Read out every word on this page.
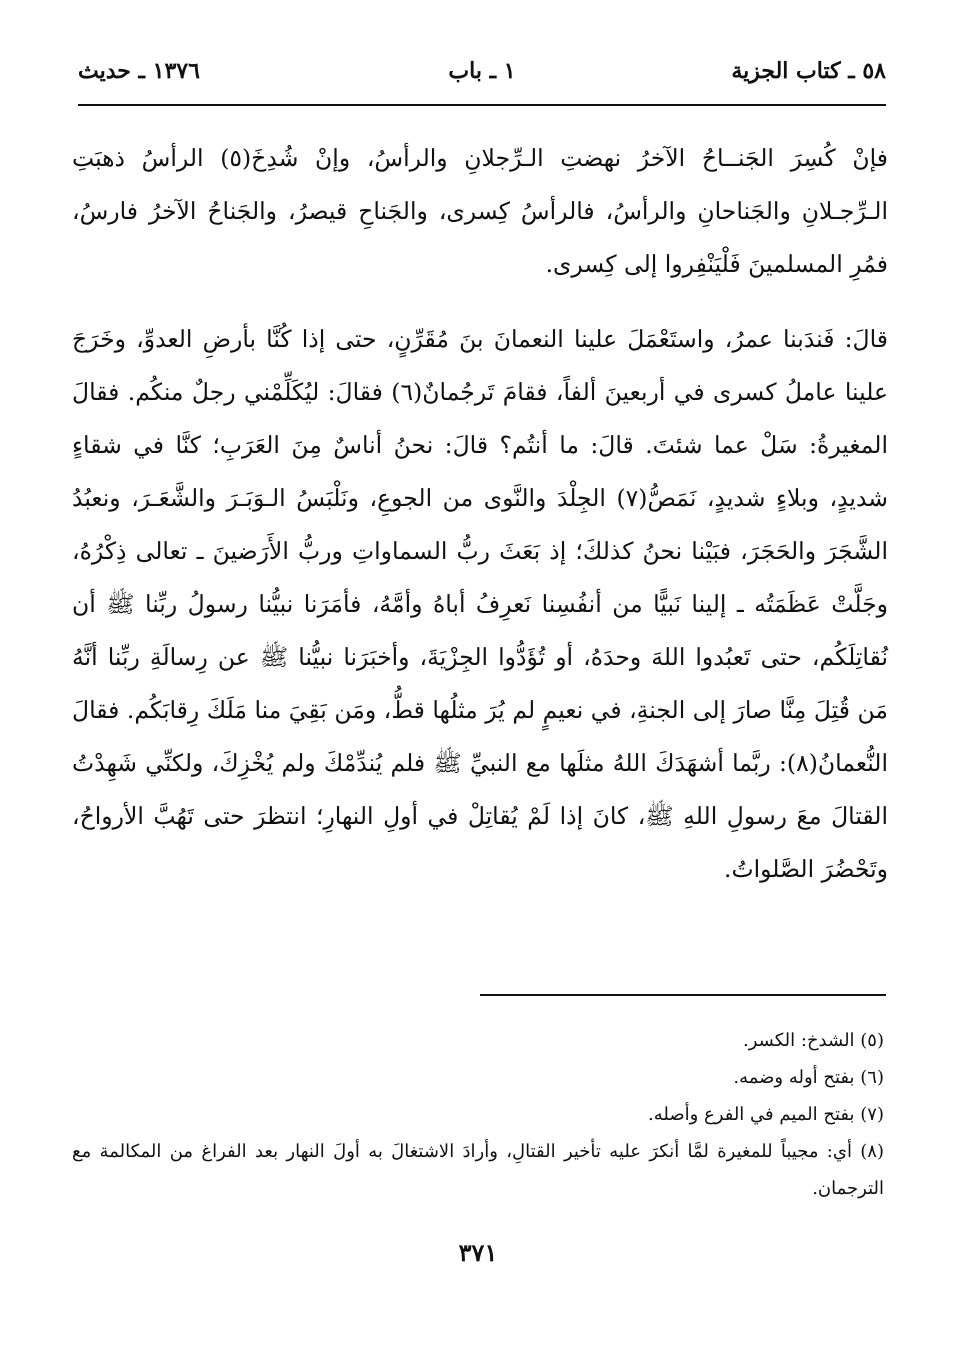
٥٨ ـ كتاب الجزية
١ ـ باب
١٣٧٦ ـ حديث

فإنْ كُسِرَ الجَنــاحُ الآخرُ نهضتِ الـرِّجلانِ والرأسُ، وإنْ شُدِخَ(٥) الرأسُ ذهبَتِ الـرِّجـلانِ والجَناحانِ والرأسُ، فالرأسُ كِسرى، والجَناحِ قيصرُ، والجَناحُ الآخرُ فارسُ، فمُرِ المسلمينَ فَلْيَنْفِروا إلى كِسرى.

قالَ: فَندَبنا عمرُ، واستَعْمَلَ علينا النعمانَ بنَ مُقَرِّنٍ، حتى إذا كُنَّا بأرضِ العدوِّ، وخَرَجَ علينا عاملُ كسرى في أربعينَ ألفاً، فقامَ تَرجُمانٌ(٦) فقالَ: ليُكَلِّمْني رجلٌ منكُم. فقالَ المغيرةُ: سَلْ عما شئتَ. قالَ: ما أنتُم؟ قالَ: نحنُ أناسٌ مِنَ العَرَبِ؛ كنَّا في شقاءٍ شديدٍ، وبلاءٍ شديدٍ، نَمَصُّ(٧) الجِلْدَ والنَّوى من الجوعِ، ونَلْبَسُ الـوَبَـرَ والشَّعَـرَ، ونعبُدُ الشَّجَرَ والحَجَرَ، فبَيْنا نحنُ كذلكَ؛ إذ بَعَثَ ربُّ السماواتِ وربُّ الأَرَضينَ ـ تعالى ذِكْرُهُ، وجَلَّتْ عَظَمَتُه ـ إلينا نَبيًّا من أنفُسِنا نَعرِفُ أباهُ وأمَّهُ، فأمَرَنا نبيُّنا رسولُ ربِّنا ﷺ أن نُقاتِلَكُم، حتى تَعبُدوا اللهَ وحدَهُ، أو تُؤَدُّوا الجِزْيَةَ، وأخبَرَنا نبيُّنا ﷺ عن رِسالَةِ ربِّنا أنَّهُ مَن قُتِلَ مِنَّا صارَ إلى الجنةِ، في نعيمٍ لم يُرَ مثلُها قطُّ، ومَن بَقِيَ منا مَلَكَ رِقابَكُم. فقالَ النُّعمانُ(٨): ربَّما أشهَدَكَ اللهُ مثلَها مع النبيِّ ﷺ فلم يُندِّمْكَ ولم يُخْزِكَ، ولكنِّي شَهِدْتُ القتالَ معَ رسولِ اللهِ ﷺ، كانَ إذا لَمْ يُقاتِلْ في أولِ النهارِ؛ انتظرَ حتى تَهُبَّ الأرواحُ، وتَحْضُرَ الصَّلواتُ.

(٥) الشدخ: الكسر.

(٦) بفتح أوله وضمه.

(٧) بفتح الميم في الفرع وأصله.

(٨) أي: مجيباً للمغيرة لمَّا أنكرَ عليه تأخير القتالِ، وأرادَ الاشتغالَ به أولَ النهار بعد الفراغ من المكالمة مع الترجمان.

٣٧١
